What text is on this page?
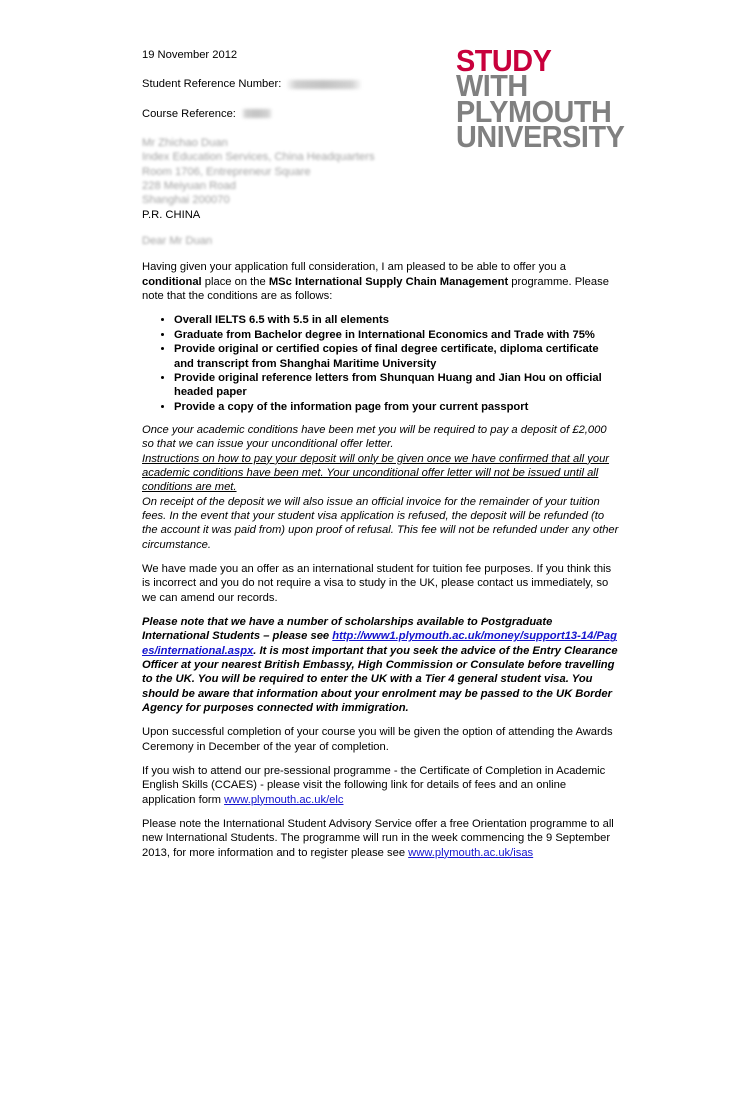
STUDY
WITH
PLYMOUTH
UNIVERSITY
19 November 2012
Student Reference Number:
Course Reference:
Mr Zhichao Duan
Index Education Services, China Headquarters
Room 1706, Entrepreneur Square
228 Meiyuan Road
Shanghai 200070
P.R. CHINA
Dear Mr Duan

Having given your application full consideration, I am pleased to be able to offer you a conditional place on the MSc International Supply Chain Management programme. Please note that the conditions are as follows:

• Overall IELTS 6.5 with 5.5 in all elements
• Graduate from Bachelor degree in International Economics and Trade with 75%
• Provide original or certified copies of final degree certificate, diploma certificate and transcript from Shanghai Maritime University
• Provide original reference letters from Shunquan Huang and Jian Hou on official headed paper
• Provide a copy of the information page from your current passport

Once your academic conditions have been met you will be required to pay a deposit of £2,000 so that we can issue your unconditional offer letter.

Instructions on how to pay your deposit will only be given once we have confirmed that all your academic conditions have been met. Your unconditional offer letter will not be issued until all conditions are met.

On receipt of the deposit we will also issue an official invoice for the remainder of your tuition fees. In the event that your student visa application is refused, the deposit will be refunded (to the account it was paid from) upon proof of refusal. This fee will not be refunded under any other circumstance.

We have made you an offer as an international student for tuition fee purposes. If you think this is incorrect and you do not require a visa to study in the UK, please contact us immediately, so we can amend our records.

Please note that we have a number of scholarships available to Postgraduate International Students – please see http://www1.plymouth.ac.uk/money/support13-14/Pages/international.aspx. It is most important that you seek the advice of the Entry Clearance Officer at your nearest British Embassy, High Commission or Consulate before travelling to the UK. You will be required to enter the UK with a Tier 4 general student visa. You should be aware that information about your enrolment may be passed to the UK Border Agency for purposes connected with immigration.

Upon successful completion of your course you will be given the option of attending the Awards Ceremony in December of the year of completion.

If you wish to attend our pre-sessional programme - the Certificate of Completion in Academic English Skills (CCAES) - please visit the following link for details of fees and an online application form www.plymouth.ac.uk/elc

Please note the International Student Advisory Service offer a free Orientation programme to all new International Students. The programme will run in the week commencing the 9 September 2013, for more information and to register please see www.plymouth.ac.uk/isas
